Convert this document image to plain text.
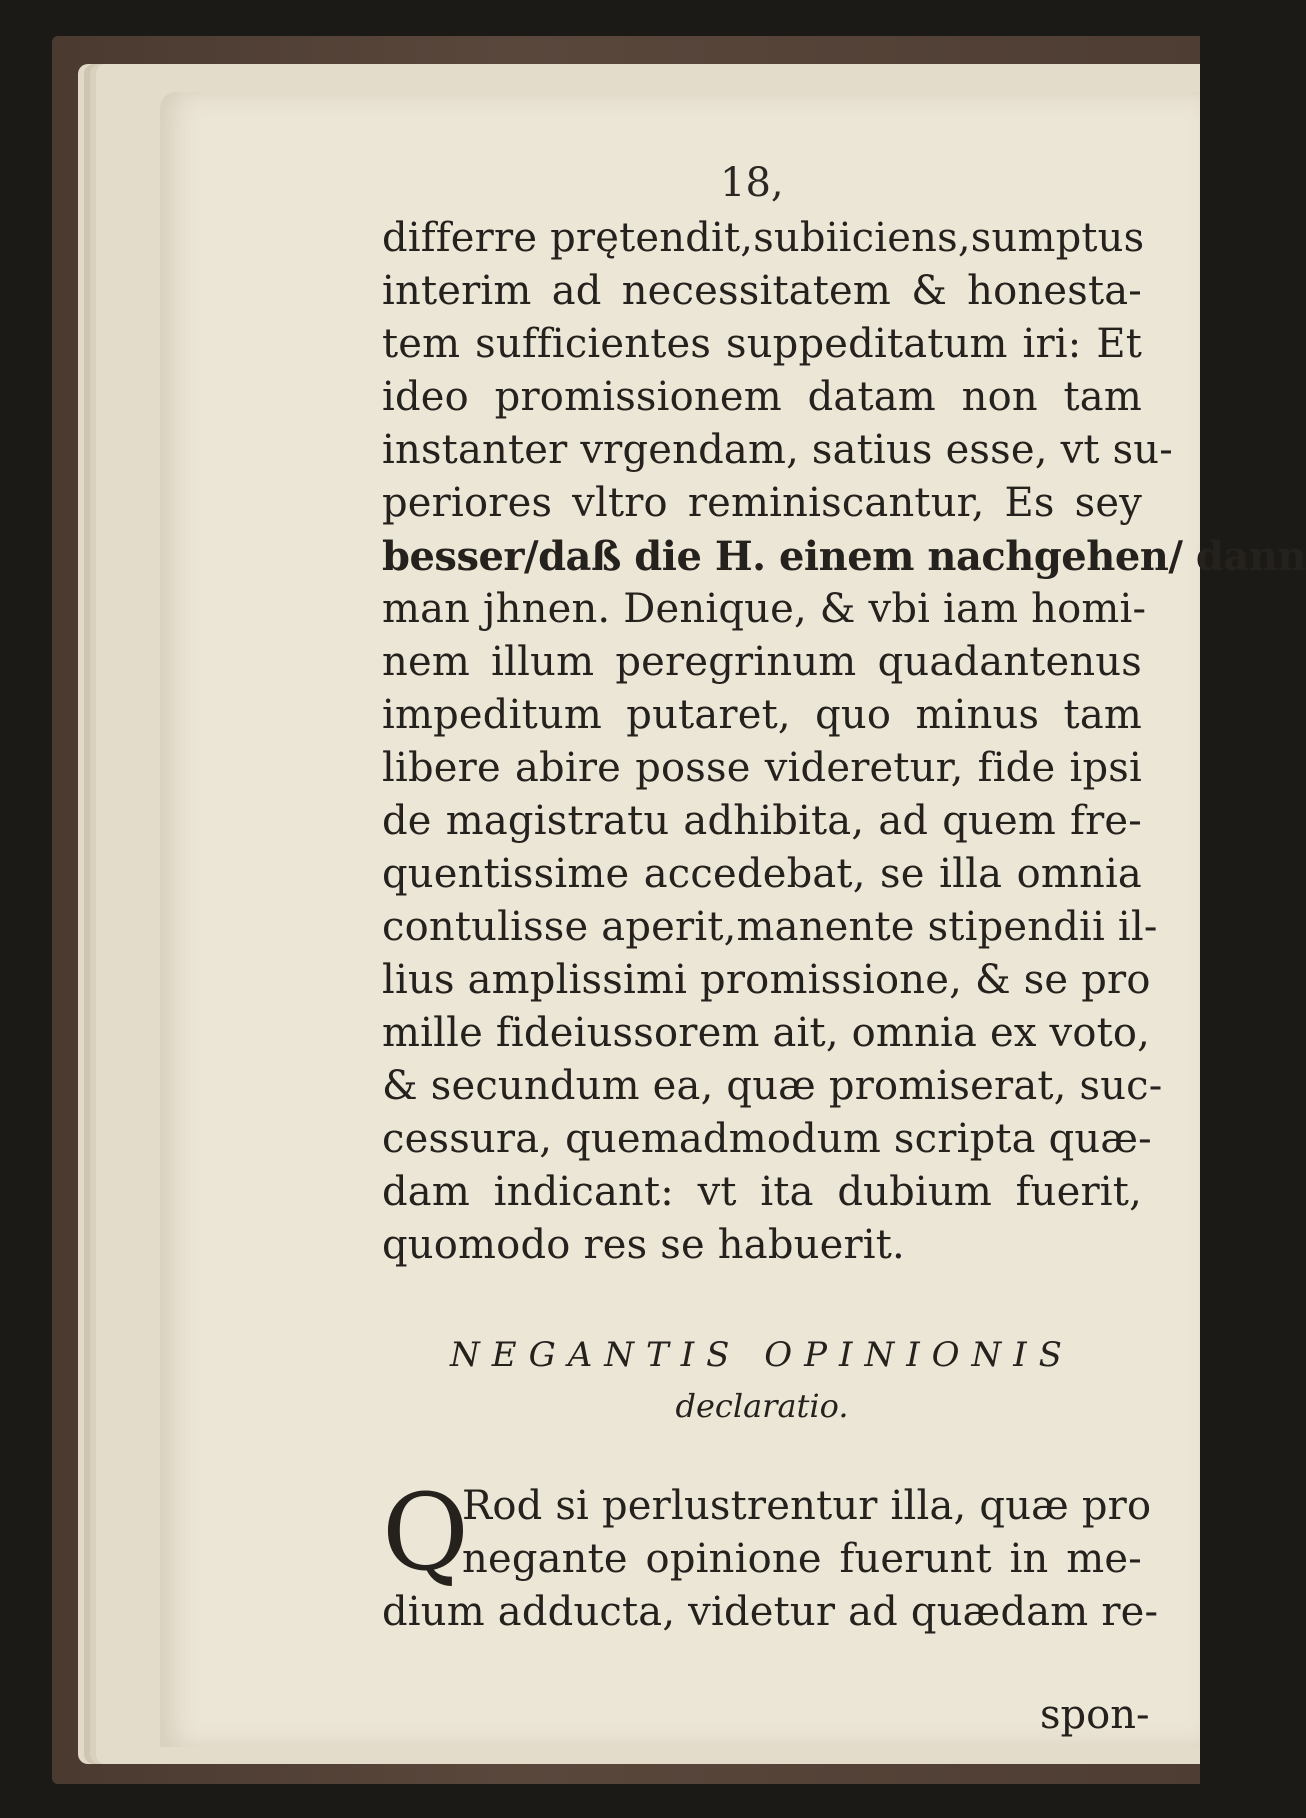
18,
differre prętendit,subiiciens,sumptus
interim ad necessitatem & honesta-
tem sufficientes suppeditatum iri: Et
ideo promissionem datam non tam
instanter vrgendam, satius esse, vt su-
periores vltro reminiscantur, Es sey
besser/daß die H. einem nachgehen/ dann
man jhnen. Denique, & vbi iam homi-
nem illum peregrinum quadantenus
impeditum putaret, quo minus tam
libere abire posse videretur, fide ipsi
de magistratu adhibita, ad quem fre-
quentissime accedebat, se illa omnia
contulisse aperit,manente stipendii il-
lius amplissimi promissione, & se pro
mille fideiussorem ait, omnia ex voto,
& secundum ea, quæ promiserat, suc-
cessura, quemadmodum scripta quæ-
dam indicant: vt ita dubium fuerit,
quomodo res se habuerit.
NEGANTIS OPINIONIS
declaratio.
Q
Rod si perlustrentur illa, quæ pro
negante opinione fuerunt in me-
dium adducta, videtur ad quædam re-
spon-
